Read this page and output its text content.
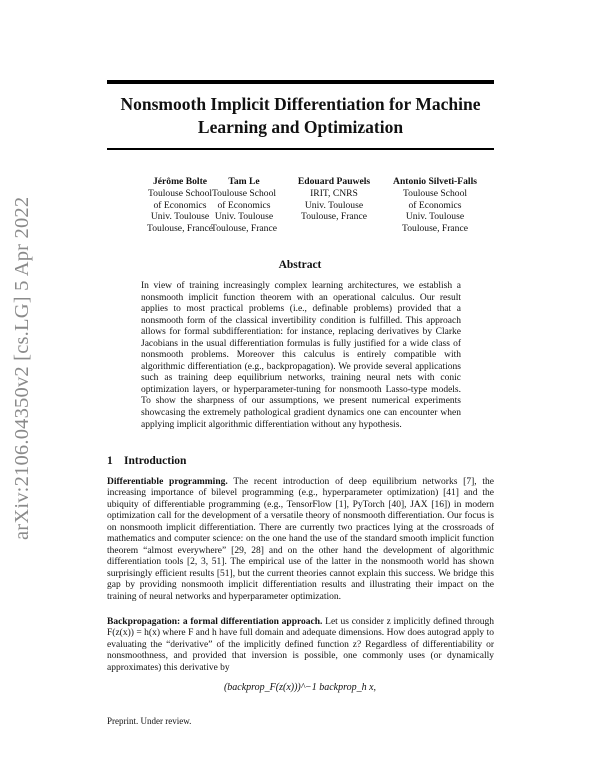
arXiv:2106.04350v2 [cs.LG] 5 Apr 2022
Nonsmooth Implicit Differentiation for Machine Learning and Optimization
Jérôme Bolte
Toulouse School
of Economics
Univ. Toulouse
Toulouse, France
Tam Le
Toulouse School
of Economics
Univ. Toulouse
Toulouse, France
Edouard Pauwels
IRIT, CNRS
Univ. Toulouse
Toulouse, France
Antonio Silveti-Falls
Toulouse School
of Economics
Univ. Toulouse
Toulouse, France
Abstract
In view of training increasingly complex learning architectures, we establish a nonsmooth implicit function theorem with an operational calculus. Our result applies to most practical problems (i.e., definable problems) provided that a nonsmooth form of the classical invertibility condition is fulfilled. This approach allows for formal subdifferentiation: for instance, replacing derivatives by Clarke Jacobians in the usual differentiation formulas is fully justified for a wide class of nonsmooth problems. Moreover this calculus is entirely compatible with algorithmic differentiation (e.g., backpropagation). We provide several applications such as training deep equilibrium networks, training neural nets with conic optimization layers, or hyperparameter-tuning for nonsmooth Lasso-type models. To show the sharpness of our assumptions, we present numerical experiments showcasing the extremely pathological gradient dynamics one can encounter when applying implicit algorithmic differentiation without any hypothesis.
1 Introduction
Differentiable programming. The recent introduction of deep equilibrium networks [7], the increasing importance of bilevel programming (e.g., hyperparameter optimization) [41] and the ubiquity of differentiable programming (e.g., TensorFlow [1], PyTorch [40], JAX [16]) in modern optimization call for the development of a versatile theory of nonsmooth differentiation. Our focus is on nonsmooth implicit differentiation. There are currently two practices lying at the crossroads of mathematics and computer science: on the one hand the use of the standard smooth implicit function theorem “almost everywhere” [29, 28] and on the other hand the development of algorithmic differentiation tools [2, 3, 51]. The empirical use of the latter in the nonsmooth world has shown surprisingly efficient results [51], but the current theories cannot explain this success. We bridge this gap by providing nonsmooth implicit differentiation results and illustrating their impact on the training of neural networks and hyperparameter optimization.
Backpropagation: a formal differentiation approach. Let us consider z implicitly defined through F(z(x)) = h(x) where F and h have full domain and adequate dimensions. How does autograd apply to evaluating the “derivative” of the implicitly defined function z? Regardless of differentiability or nonsmoothness, and provided that inversion is possible, one commonly uses (or dynamically approximates) this derivative by
(backprop_F(z(x)))^−1 backprop_h x,
Preprint. Under review.
